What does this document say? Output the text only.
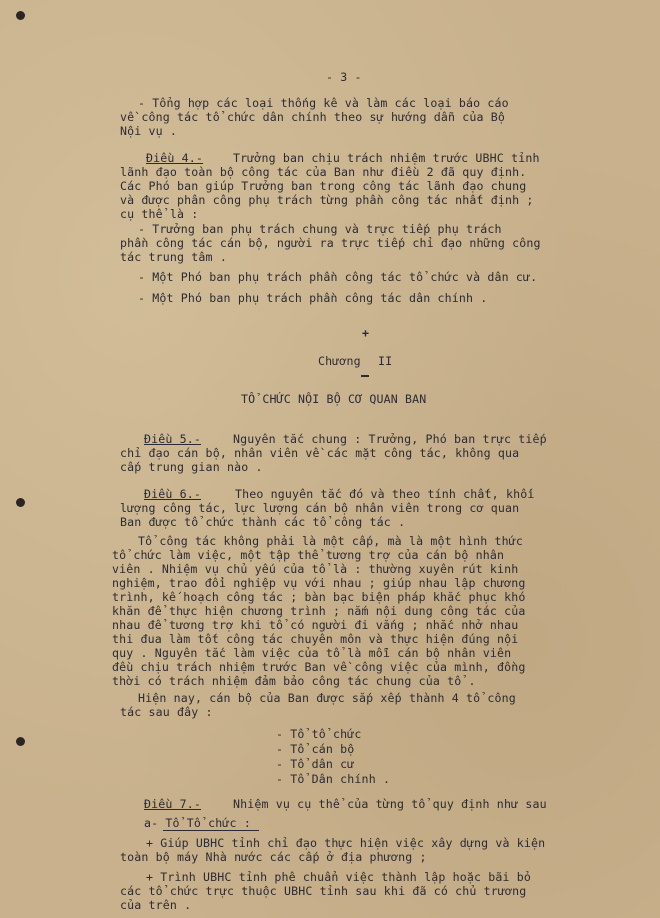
- 3 -
- Tổng hợp các loại thống kê và làm các loại báo cáo
về công tác tổ chức dân chính theo sự hướng dẫn của Bộ
Nội vụ .
Điều 4.-	Trưởng ban chịu trách nhiệm trước UBHC tỉnh
lãnh đạo toàn bộ công tác của Ban như điều 2 đã quy định.
Các Phó ban giúp Trưởng ban trong công tác lãnh đạo chung
và được phân công phụ trách từng phần công tác nhất định ;
cụ thể là :
- Trưởng ban phụ trách chung và trực tiếp phụ trách
phần công tác cán bộ, người ra trực tiếp chỉ đạo những công
tác trung tâm .
- Một Phó ban phụ trách phần công tác tổ chức và dân cư.
- Một Phó ban phụ trách phần công tác dân chính .
+
Chương II
TỔ CHỨC NỘI BỘ CƠ QUAN BAN
Điều 5.-	Nguyên tắc chung : Trưởng, Phó ban trực tiếp
chỉ đạo cán bộ, nhân viên về các mặt công tác, không qua
cấp trung gian nào .
Điều 6.-	Theo nguyên tắc đó và theo tính chất, khối
lượng công tác, lực lượng cán bộ nhân viên trong cơ quan
Ban được tổ chức thành các tổ công tác .
Tổ công tác không phải là một cấp, mà là một hình thức
tổ chức làm việc, một tập thể tương trợ của cán bộ nhân
viên . Nhiệm vụ chủ yếu của tổ là : thường xuyên rút kinh
nghiệm, trao đổi nghiệp vụ với nhau ; giúp nhau lập chương
trình, kế hoạch công tác ; bàn bạc biện pháp khắc phục khó
khăn để thực hiện chương trình ; nắm nội dung công tác của
nhau để tương trợ khi tổ có người đi vắng ; nhắc nhở nhau
thi đua làm tốt công tác chuyên môn và thực hiện đúng nội
quy . Nguyên tắc làm việc của tổ là mỗi cán bộ nhân viên
đều chịu trách nhiệm trước Ban về công việc của mình, đồng
thời có trách nhiệm đảm bảo công tác chung của tổ .
Hiện nay, cán bộ của Ban được sắp xếp thành 4 tổ công
tác sau đây :
- Tổ tổ chức
- Tổ cán bộ
- Tổ dân cư
- Tổ Dân chính .
Điều 7.-	Nhiệm vụ cụ thể của từng tổ quy định như sau
a- Tổ Tổ chức :
+ Giúp UBHC tỉnh chỉ đạo thực hiện việc xây dựng và kiện
toàn bộ máy Nhà nước các cấp ở địa phương ;
+ Trình UBHC tỉnh phê chuẩn việc thành lập hoặc bãi bỏ
các tổ chức trực thuộc UBHC tỉnh sau khi đã có chủ trương
của trên .
